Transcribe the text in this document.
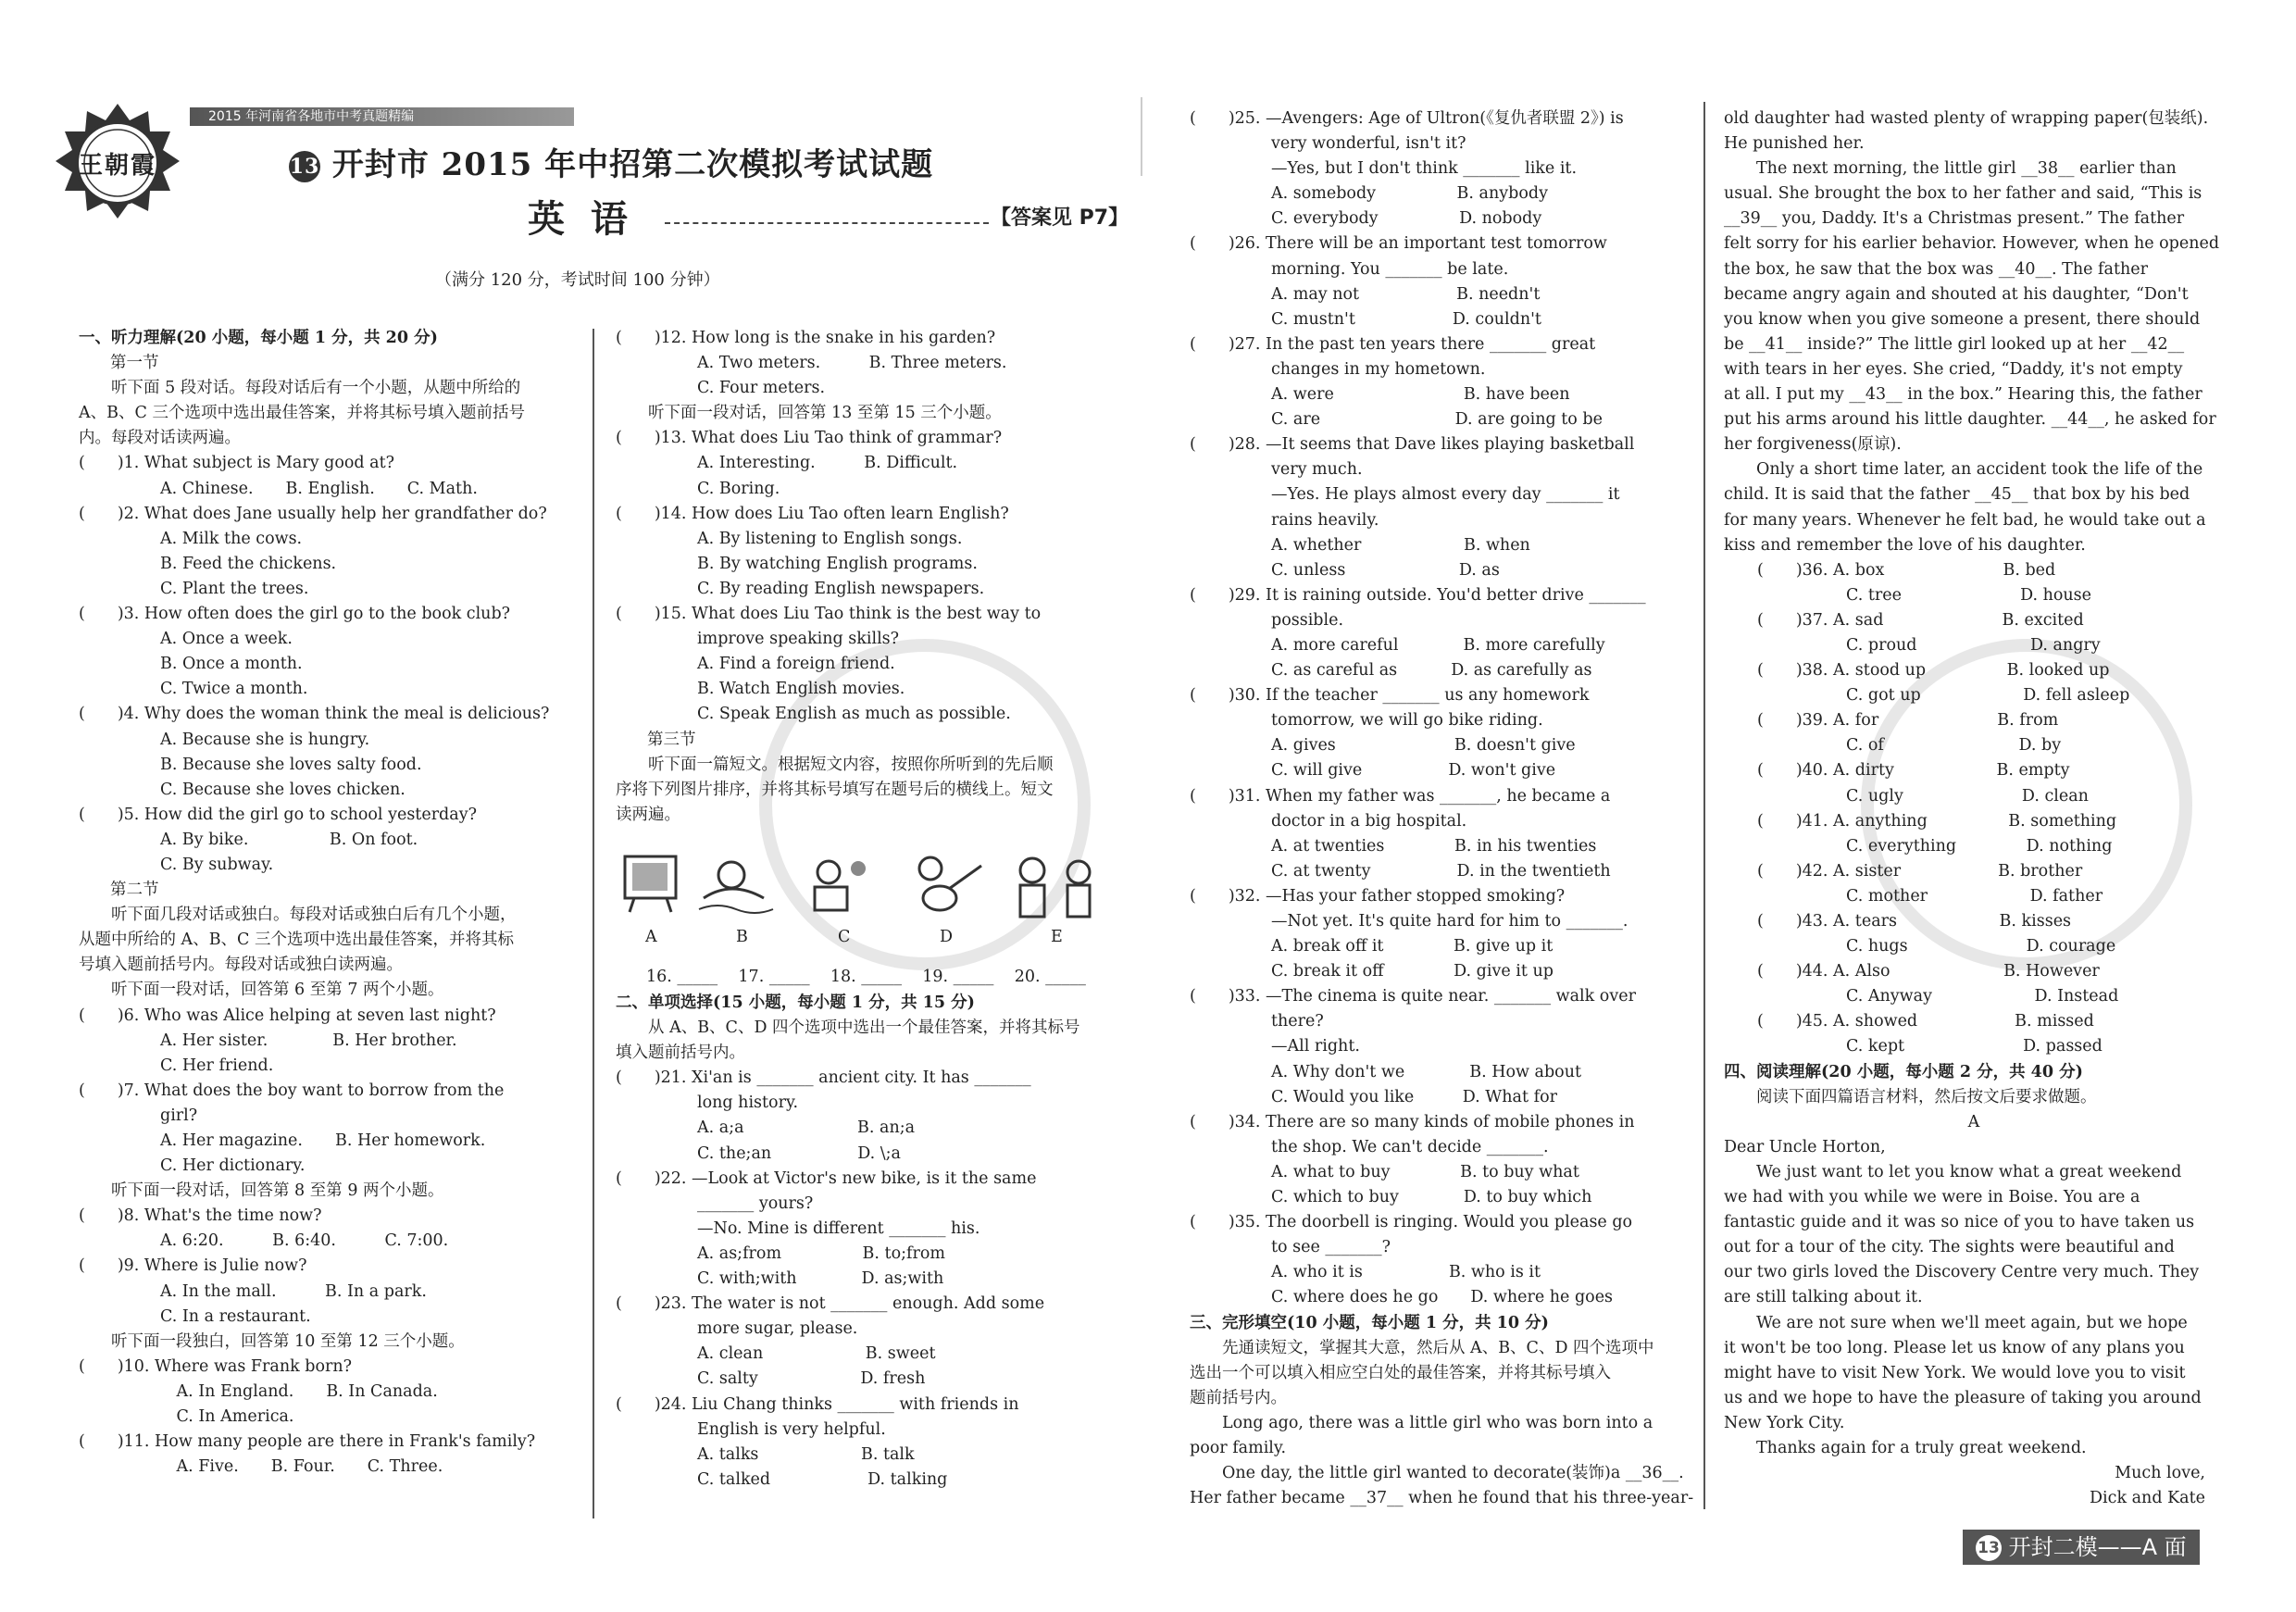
2015 年河南省各地市中考真题精编
王朝霞	13 开封市 2015 年中招第二次模拟考试试题
英  语	【答案见 P7】
（满分 120 分，考试时间 100 分钟）

一、听力理解(20 小题，每小题 1 分，共 20 分)

第一节

听下面 5 段对话。每段对话后有一个小题，从题中所给的

A、B、C 三个选项中选出最佳答案，并将其标号填入题前括号

内。每段对话读两遍。

(　　)1. What subject is Mary good at?

A. Chinese.　　B. English.　　C. Math.

(　　)2. What does Jane usually help her grandfather do?

A. Milk the cows.

B. Feed the chickens.

C. Plant the trees.

(　　)3. How often does the girl go to the book club?

A. Once a week.

B. Once a month.

C. Twice a month.

(　　)4. Why does the woman think the meal is delicious?

A. Because she is hungry.

B. Because she loves salty food.

C. Because she loves chicken.

(　　)5. How did the girl go to school yesterday?

A. By bike.　　　　　B. On foot.

C. By subway.

第二节

听下面几段对话或独白。每段对话或独白后有几个小题，

从题中所给的 A、B、C 三个选项中选出最佳答案，并将其标

号填入题前括号内。每段对话或独白读两遍。

听下面一段对话，回答第 6 至第 7 两个小题。

(　　)6. Who was Alice helping at seven last night?

A. Her sister.　　　　B. Her brother.

C. Her friend.

(　　)7. What does the boy want to borrow from the

girl?

A. Her magazine.　　B. Her homework.

C. Her dictionary.

听下面一段对话，回答第 8 至第 9 两个小题。

(　　)8. What's the time now?

A. 6:20.　　　B. 6:40.　　　C. 7:00.

(　　)9. Where is Julie now?

A. In the mall.　　　B. In a park.

C. In a restaurant.

听下面一段独白，回答第 10 至第 12 三个小题。

(　　)10. Where was Frank born?

　A. In England.　　B. In Canada.

　C. In America.

(　　)11. How many people are there in Frank's family?

　A. Five.　　B. Four.　　C. Three.

(　　)12. How long is the snake in his garden?

A. Two meters.　　　B. Three meters.

C. Four meters.

听下面一段对话，回答第 13 至第 15 三个小题。

(　　)13. What does Liu Tao think of grammar?

A. Interesting.　　　B. Difficult.

C. Boring.

(　　)14. How does Liu Tao often learn English?

A. By listening to English songs.

B. By watching English programs.

C. By reading English newspapers.

(　　)15. What does Liu Tao think is the best way to

improve speaking skills?

A. Find a foreign friend.

B. Watch English movies.

C. Speak English as much as possible.

第三节

听下面一篇短文。根据短文内容，按照你所听到的先后顺

序将下列图片排序，并将其标号填写在题号后的横线上。短文

读两遍。

A	B	C	D	E
16. _____ 17. _____ 18. _____ 19. _____ 20. _____

二、单项选择(15 小题，每小题 1 分，共 15 分)

从 A、B、C、D 四个选项中选出一个最佳答案，并将其标号

填入题前括号内。

(　　)21. Xi'an is _______ ancient city. It has _______

long history.

A. a;a　　　　　　　B. an;a

C. the;an　　　　　 D. \;a

(　　)22. —Look at Victor's new bike, is it the same

_______ yours?

—No. Mine is different _______ his.

A. as;from　　　　　B. to;from

C. with;with　　　　D. as;with

(　　)23. The water is not _______ enough. Add some

more sugar, please.

A. clean　　　　　　 B. sweet

C. salty　　　　　　 D. fresh

(　　)24. Liu Chang thinks _______ with friends in

English is very helpful.

A. talks　　　　　　 B. talk

C. talked　　　　　　D. talking

(　　)25. —Avengers: Age of Ultron(《复仇者联盟 2》) is

very wonderful, isn't it?

—Yes, but I don't think _______ like it.

A. somebody　　　　　B. anybody

C. everybody　　　　　D. nobody

(　　)26. There will be an important test tomorrow

morning. You _______ be late.

A. may not　　　　　　B. needn't

C. mustn't　　　　　　D. couldn't

(　　)27. In the past ten years there _______ great

changes in my hometown.

A. were　　　　　　　　B. have been

C. are　　　　　　　　 D. are going to be

(　　)28. —It seems that Dave likes playing basketball

very much.

—Yes. He plays almost every day _______ it

rains heavily.

A. whether　　　　　　 B. when

C. unless　　　　　　　D. as

(　　)29. It is raining outside. You'd better drive _______

possible.

A. more careful　　　　B. more carefully

C. as careful as　　　 D. as carefully as

(　　)30. If the teacher _______ us any homework

tomorrow, we will go bike riding.

A. gives　　　　　　　 B. doesn't give

C. will give　　　　　 D. won't give

(　　)31. When my father was _______, he became a

doctor in a big hospital.

A. at twenties　　　　 B. in his twenties

C. at twenty　　　　　 D. in the twentieth

(　　)32. —Has your father stopped smoking?

—Not yet. It's quite hard for him to _______.

A. break off it　　　　 B. give up it

C. break it off　　　　 D. give it up

(　　)33. —The cinema is quite near. _______ walk over

there?

—All right.

A. Why don't we　　　　B. How about

C. Would you like　　　D. What for

(　　)34. There are so many kinds of mobile phones in

the shop. We can't decide _______.

A. what to buy　　　　 B. to buy what

C. which to buy　　　　D. to buy which

(　　)35. The doorbell is ringing. Would you please go

to see _______?

A. who it is　　　　　 B. who is it

C. where does he go　　D. where he goes

三、完形填空(10 小题，每小题 1 分，共 10 分)

先通读短文，掌握其大意，然后从 A、B、C、D 四个选项中

选出一个可以填入相应空白处的最佳答案，并将其标号填入

题前括号内。

Long ago, there was a little girl who was born into a

poor family.

One day, the little girl wanted to decorate(装饰)a __36__.

Her father became __37__ when he found that his three-year-

old daughter had wasted plenty of wrapping paper(包装纸).

He punished her.

The next morning, the little girl __38__ earlier than

usual. She brought the box to her father and said, “This is

__39__ you, Daddy. It's a Christmas present.” The father

felt sorry for his earlier behavior. However, when he opened

the box, he saw that the box was __40__. The father

became angry again and shouted at his daughter, “Don't

you know when you give someone a present, there should

be __41__ inside?” The little girl looked up at her __42__

with tears in her eyes. She cried, “Daddy, it's not empty

at all. I put my __43__ in the box.” Hearing this, the father

put his arms around his little daughter. __44__, he asked for

her forgiveness(原谅).

Only a short time later, an accident took the life of the

child. It is said that the father __45__ that box by his bed

for many years. Whenever he felt bad, he would take out a

kiss and remember the love of his daughter.

(　　)36. A. box　　　　　　　 B. bed

C. tree　　　　　　　 D. house

(　　)37. A. sad　　　　　　　 B. excited

C. proud　　　　　　　D. angry

(　　)38. A. stood up　　　　　B. looked up

C. got up　　　　　　 D. fell asleep

(　　)39. A. for　　　　　　　 B. from

C. of　　　　　　　　 D. by

(　　)40. A. dirty　　　　　　 B. empty

C. ugly　　　　　　　 D. clean

(　　)41. A. anything　　　　　B. something

C. everything　　　　 D. nothing

(　　)42. A. sister　　　　　　B. brother

C. mother　　　　　　 D. father

(　　)43. A. tears　　　　　　 B. kisses

C. hugs　　　　　　　 D. courage

(　　)44. A. Also　　　　　　　B. However

C. Anyway　　　　　　 D. Instead

(　　)45. A. showed　　　　　　B. missed

C. kept　　　　　　　 D. passed

四、阅读理解(20 小题，每小题 2 分，共 40 分)

阅读下面四篇语言材料，然后按文后要求做题。

A

Dear Uncle Horton,

We just want to let you know what a great weekend

we had with you while we were in Boise. You are a

fantastic guide and it was so nice of you to have taken us

out for a tour of the city. The sights were beautiful and

our two girls loved the Discovery Centre very much. They

are still talking about it.

We are not sure when we'll meet again, but we hope

it won't be too long. Please let us know of any plans you

might have to visit New York. We would love you to visit

us and we hope to have the pleasure of taking you around

New York City.

Thanks again for a truly great weekend.

Much love,

Dick and Kate

13 开封二模——A 面
